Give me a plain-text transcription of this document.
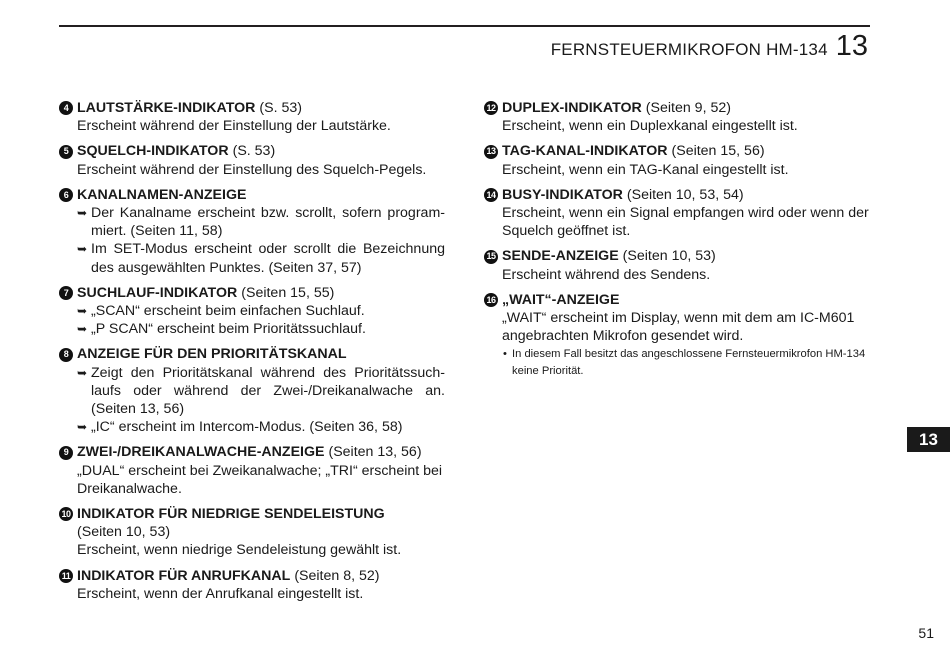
FERNSTEUERMIKROFON HM-134 13
4 LAUTSTÄRKE-INDIKATOR (S. 53)
Erscheint während der Einstellung der Lautstärke.
5 SQUELCH-INDIKATOR (S. 53)
Erscheint während der Einstellung des Squelch-Pegels.
6 KANALNAMEN-ANZEIGE
➥ Der Kanalname erscheint bzw. scrollt, sofern programmiert. (Seiten 11, 58)
➥ Im SET-Modus erscheint oder scrollt die Bezeichnung des ausgewählten Punktes. (Seiten 37, 57)
7 SUCHLAUF-INDIKATOR (Seiten 15, 55)
➥ „SCAN“ erscheint beim einfachen Suchlauf.
➥ „P SCAN“ erscheint beim Prioritätssuchlauf.
8 ANZEIGE FÜR DEN PRIORITÄTSKANAL
➥ Zeigt den Prioritätskanal während des Prioritätssuchlaufs oder während der Zwei-/Dreikanalwache an. (Seiten 13, 56)
➥ „IC“ erscheint im Intercom-Modus. (Seiten 36, 58)
9 ZWEI-/DREIKANALWACHE-ANZEIGE (Seiten 13, 56)
„DUAL“ erscheint bei Zweikanalwache; „TRI“ erscheint bei Dreikanalwache.
10 INDIKATOR FÜR NIEDRIGE SENDELEISTUNG
(Seiten 10, 53)
Erscheint, wenn niedrige Sendeleistung gewählt ist.
11 INDIKATOR FÜR ANRUFKANAL (Seiten 8, 52)
Erscheint, wenn der Anrufkanal eingestellt ist.
12 DUPLEX-INDIKATOR (Seiten 9, 52)
Erscheint, wenn ein Duplexkanal eingestellt ist.
13 TAG-KANAL-INDIKATOR (Seiten 15, 56)
Erscheint, wenn ein TAG-Kanal eingestellt ist.
14 BUSY-INDIKATOR (Seiten 10, 53, 54)
Erscheint, wenn ein Signal empfangen wird oder wenn der Squelch geöffnet ist.
15 SENDE-ANZEIGE (Seiten 10, 53)
Erscheint während des Sendens.
16 „WAIT“-ANZEIGE
„WAIT“ erscheint im Display, wenn mit dem am IC-M601 angebrachten Mikrofon gesendet wird.
• In diesem Fall besitzt das angeschlossene Fernsteuermikrofon HM-134 keine Priorität.
13
51
